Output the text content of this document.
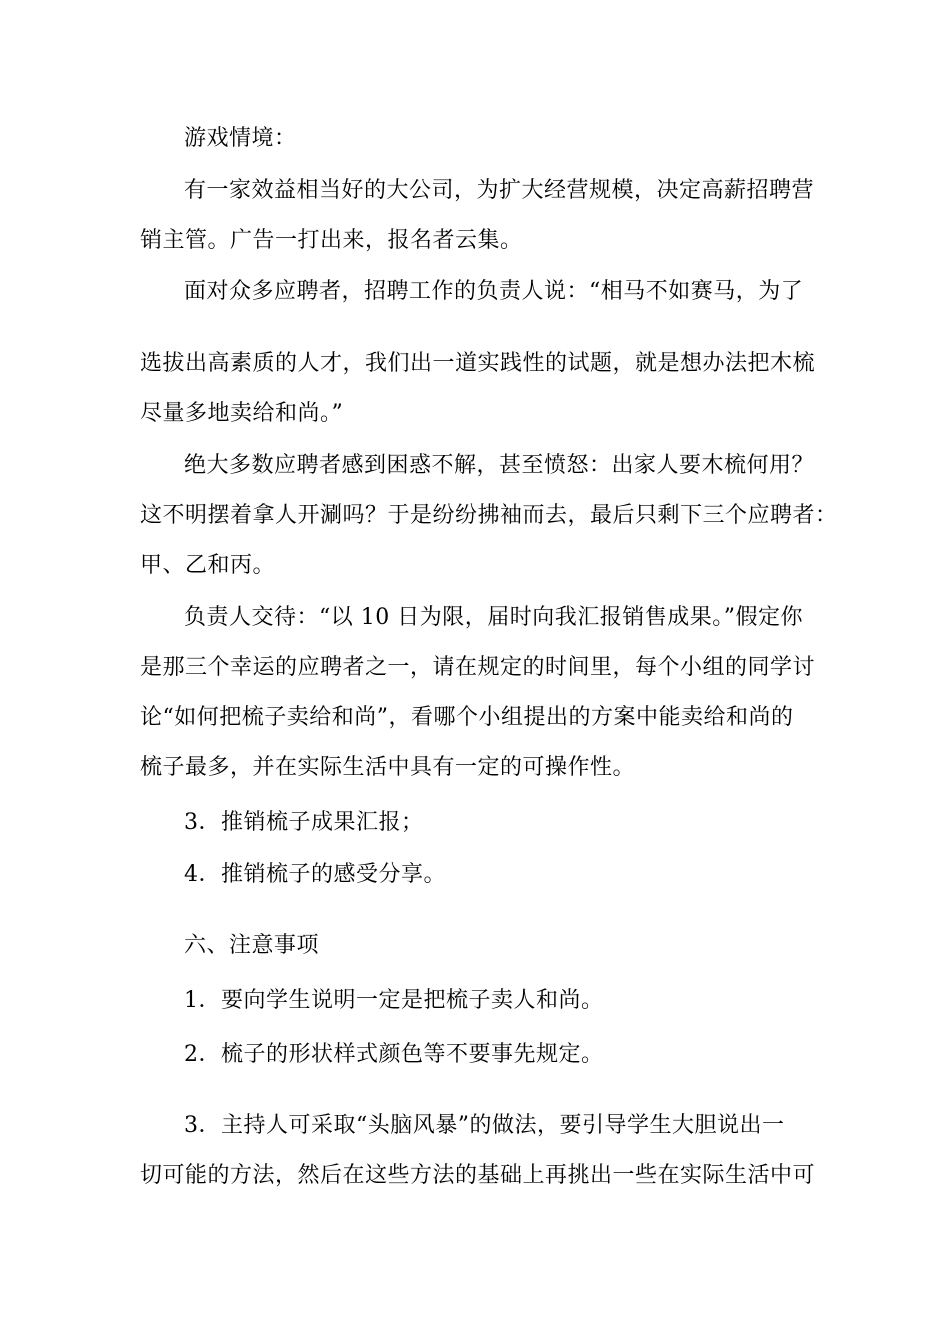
游戏情境：
有一家效益相当好的大公司，为扩大经营规模，决定高薪招聘营
销主管。广告一打出来，报名者云集。
面对众多应聘者，招聘工作的负责人说：“相马不如赛马，为了
选拔出高素质的人才，我们出一道实践性的试题，就是想办法把木梳
尽量多地卖给和尚。”
绝大多数应聘者感到困惑不解，甚至愤怒：出家人要木梳何用？
这不明摆着拿人开涮吗？于是纷纷拂袖而去，最后只剩下三个应聘者：
甲、乙和丙。
负责人交待：“以 10 日为限，届时向我汇报销售成果。”假定你
是那三个幸运的应聘者之一，请在规定的时间里，每个小组的同学讨
论“如何把梳子卖给和尚”，看哪个小组提出的方案中能卖给和尚的
梳子最多，并在实际生活中具有一定的可操作性。
3．推销梳子成果汇报；
4．推销梳子的感受分享。
六、注意事项
1．要向学生说明一定是把梳子卖人和尚。
2．梳子的形状样式颜色等不要事先规定。
3．主持人可采取“头脑风暴”的做法，要引导学生大胆说出一
切可能的方法，然后在这些方法的基础上再挑出一些在实际生活中可
